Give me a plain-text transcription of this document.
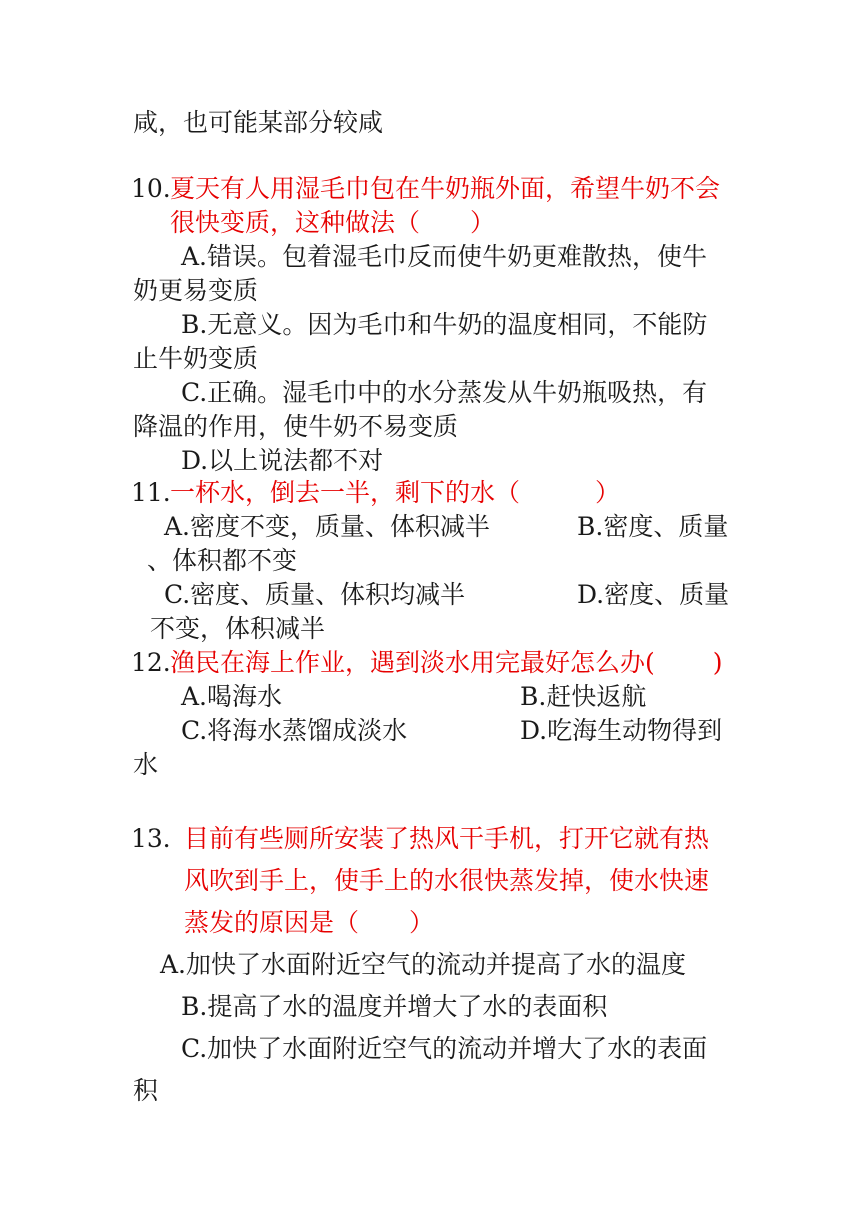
咸，也可能某部分较咸
10. 夏天有人用湿毛巾包在牛奶瓶外面，希望牛奶不会
很快变质，这种做法（　　）
A.错误。包着湿毛巾反而使牛奶更难散热，使牛
奶更易变质
B.无意义。因为毛巾和牛奶的温度相同，不能防
止牛奶变质
C.正确。湿毛巾中的水分蒸发从牛奶瓶吸热，有
降温的作用，使牛奶不易变质
D.以上说法都不对
11. 一杯水，倒去一半，剩下的水（　　　）
A.密度不变，质量、体积减半	B.密度、质量
、体积都不变
C.密度、质量、体积均减半	D.密度、质量
不变，体积减半
12. 渔民在海上作业，遇到淡水用完最好怎么办(　　 )
A.喝海水	B.赶快返航
C.将海水蒸馏成淡水	D.吃海生动物得到
水
13．
目前有些厕所安装了热风干手机，打开它就有热
风吹到手上，使手上的水很快蒸发掉，使水快速
蒸发的原因是（　　）
A.加快了水面附近空气的流动并提高了水的温度
B.提高了水的温度并增大了水的表面积
C.加快了水面附近空气的流动并增大了水的表面
积
